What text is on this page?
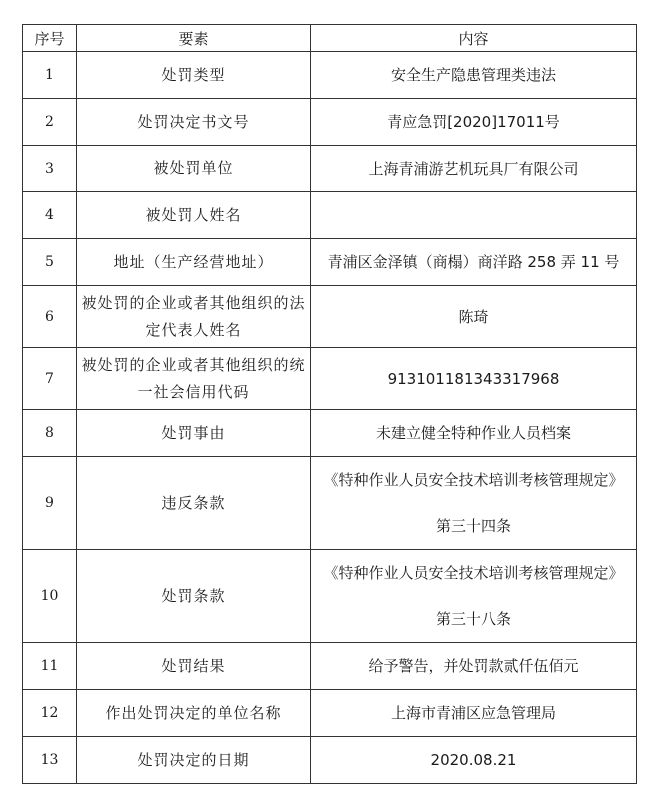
序号	要素	内容
1	处罚类型	安全生产隐患管理类违法
2	处罚决定书文号	青应急罚[2020]17011号
3	被处罚单位	上海青浦游艺机玩具厂有限公司
4	被处罚人姓名	
5	地址（生产经营地址）	青浦区金泽镇（商榻）商洋路 258 弄 11 号
6	被处罚的企业或者其他组织的法定代表人姓名	陈琦
7	被处罚的企业或者其他组织的统一社会信用代码	913101181343317968
8	处罚事由	未建立健全特种作业人员档案
9	违反条款	《特种作业人员安全技术培训考核管理规定》
第三十四条

10	处罚条款	《特种作业人员安全技术培训考核管理规定》
第三十八条

11	处罚结果	给予警告，并处罚款贰仟伍佰元
12	作出处罚决定的单位名称	上海市青浦区应急管理局
13	处罚决定的日期	2020.08.21
